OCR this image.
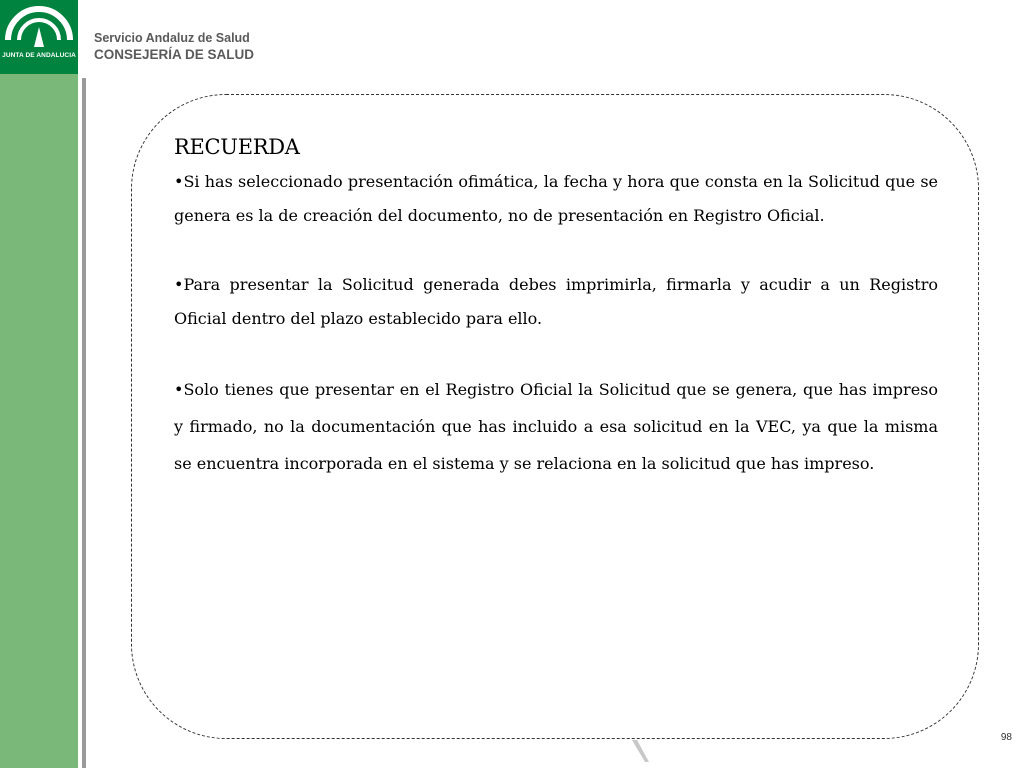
JUNTA DE ANDALUCIA
Servicio Andaluz de Salud
CONSEJERÍA DE SALUD
RECUERDA

•Si has seleccionado presentación ofimática, la fecha y hora que consta en la Solicitud que se genera es la de creación del documento, no de presentación en Registro Oficial.

•Para presentar la Solicitud generada debes imprimirla, firmarla y acudir a un Registro Oficial dentro del plazo establecido para ello.

•Solo tienes que presentar en el Registro Oficial la Solicitud que se genera, que has impreso y firmado, no la documentación que has incluido a esa solicitud en la VEC, ya que la misma se encuentra incorporada en el sistema y se relaciona en la solicitud que has impreso.

98
